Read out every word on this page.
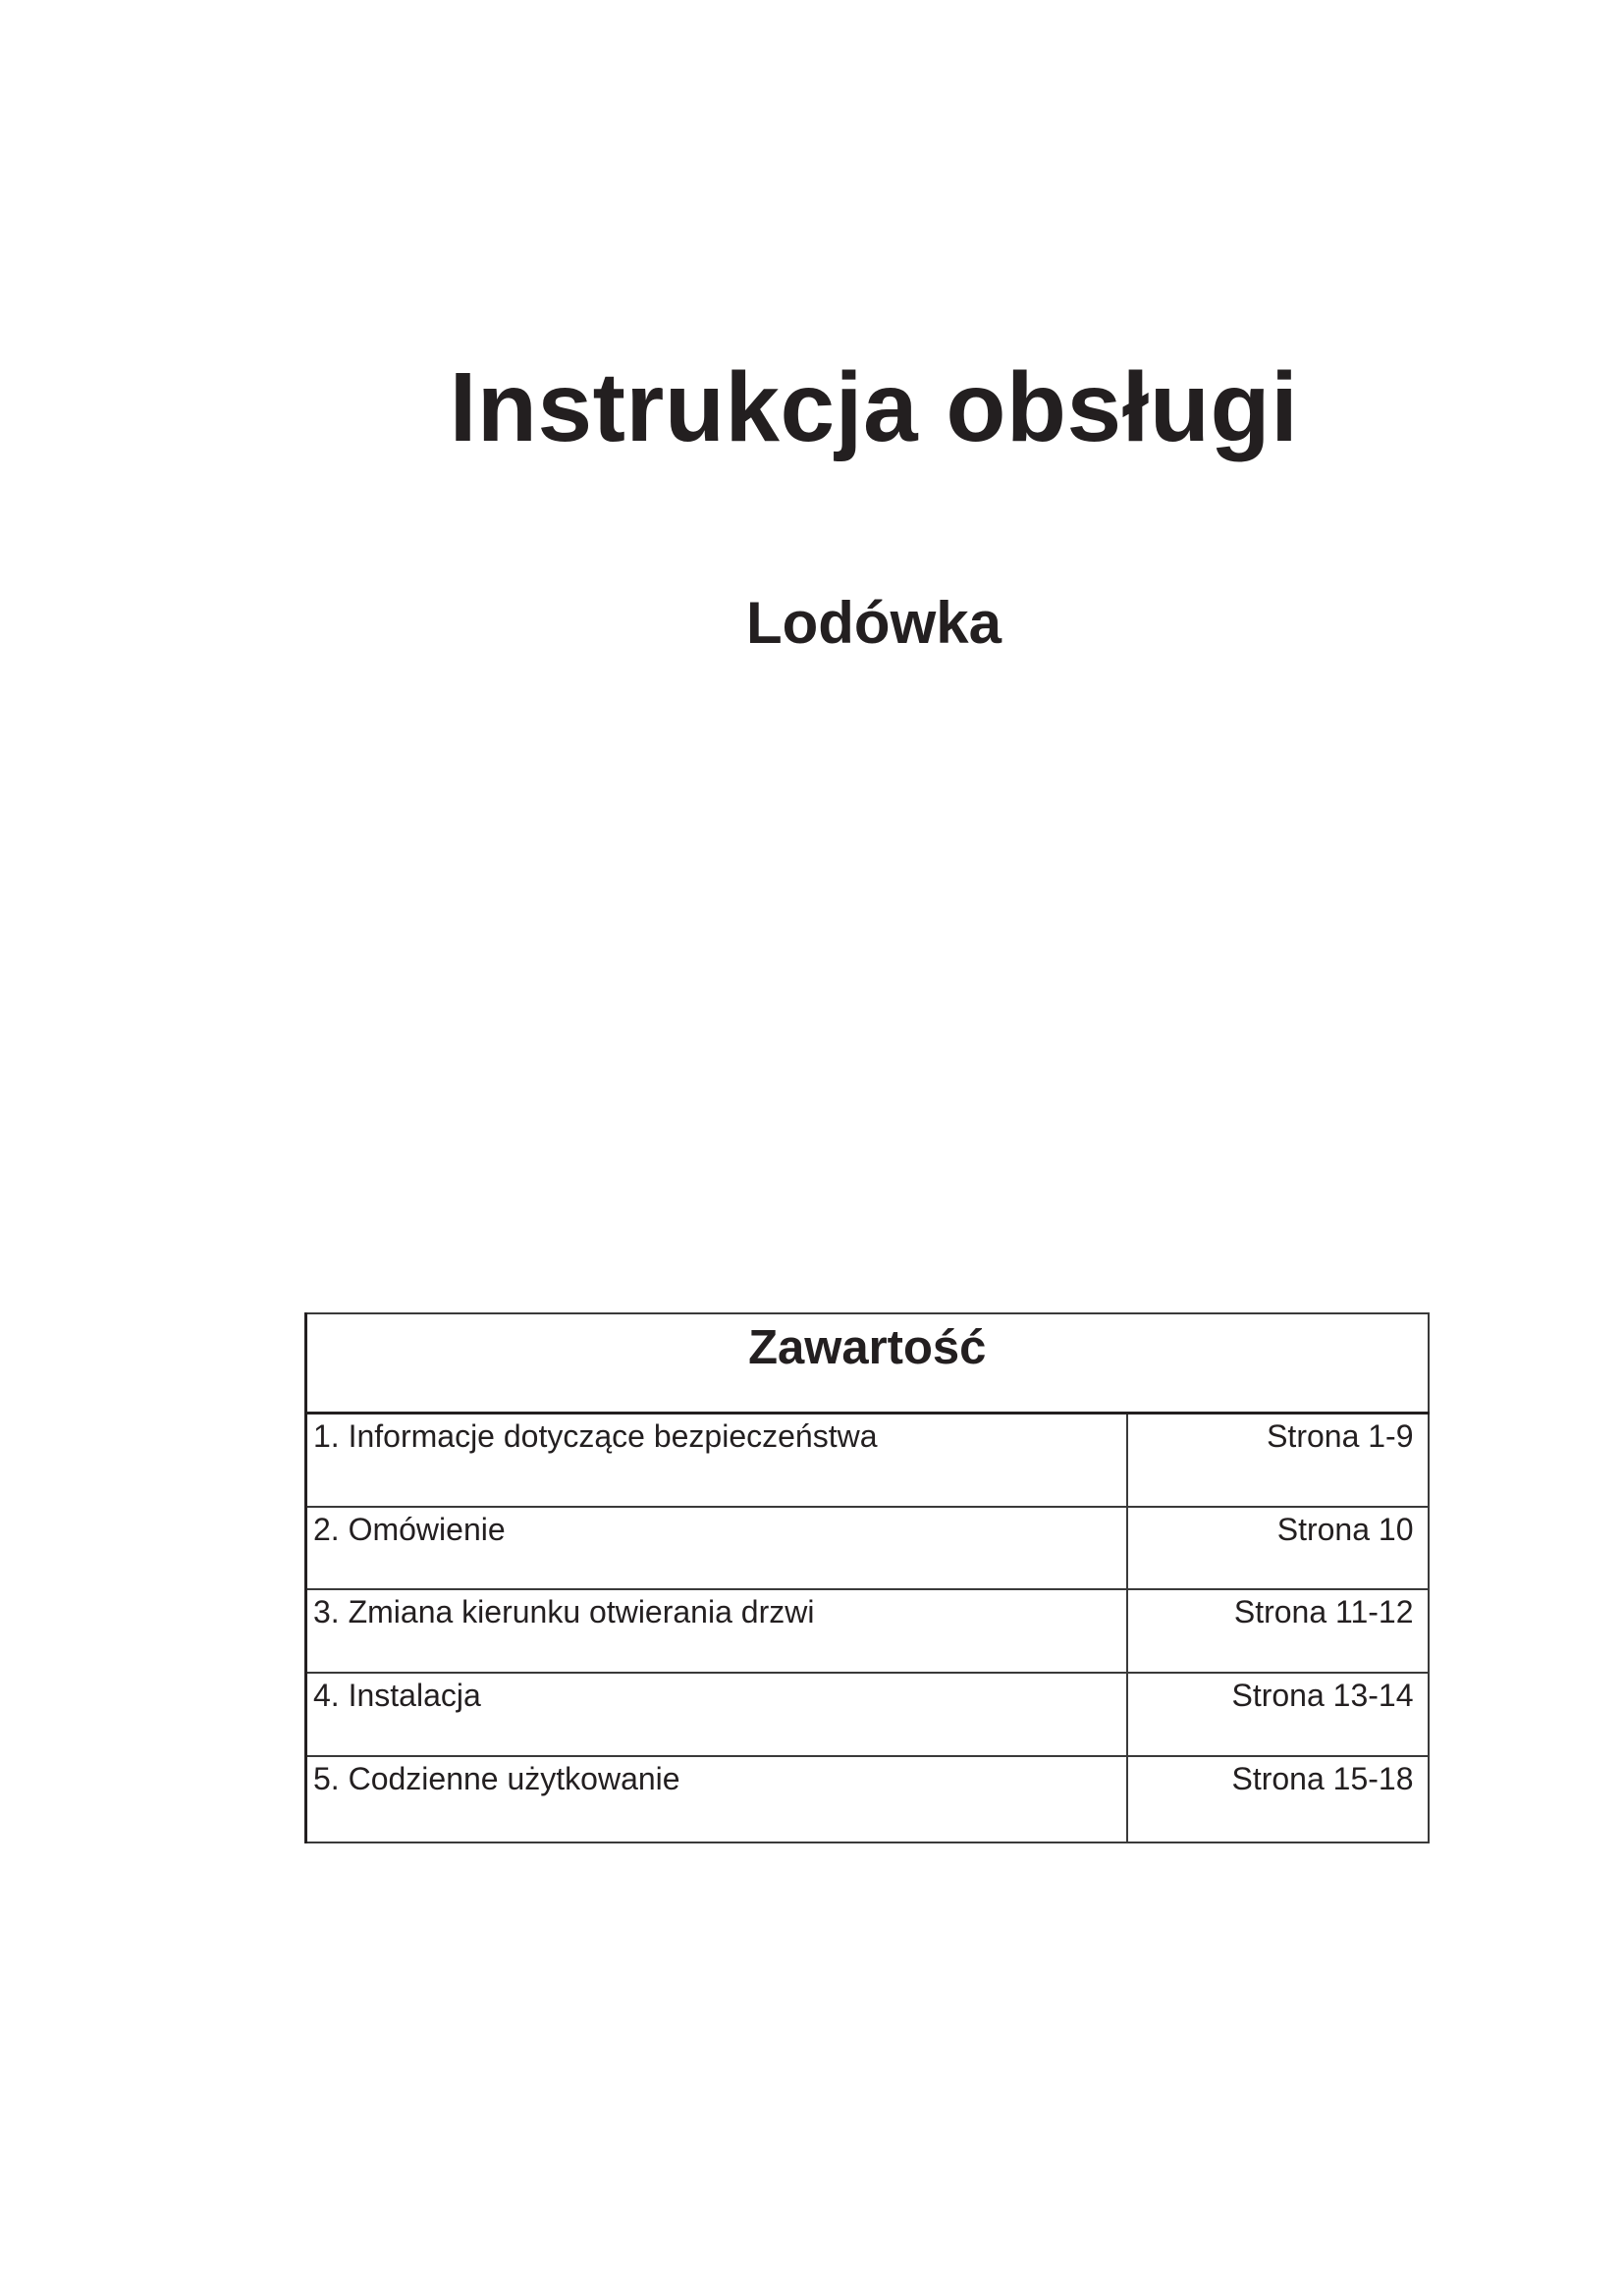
Instrukcja obsługi
Lodówka
Zawartość	
1. Informacje dotyczące bezpieczeństwa	Strona 1-9
2. Omówienie	Strona 10
3. Zmiana kierunku otwierania drzwi	Strona 11-12
4. Instalacja	Strona 13-14
5. Codzienne użytkowanie	Strona 15-18
